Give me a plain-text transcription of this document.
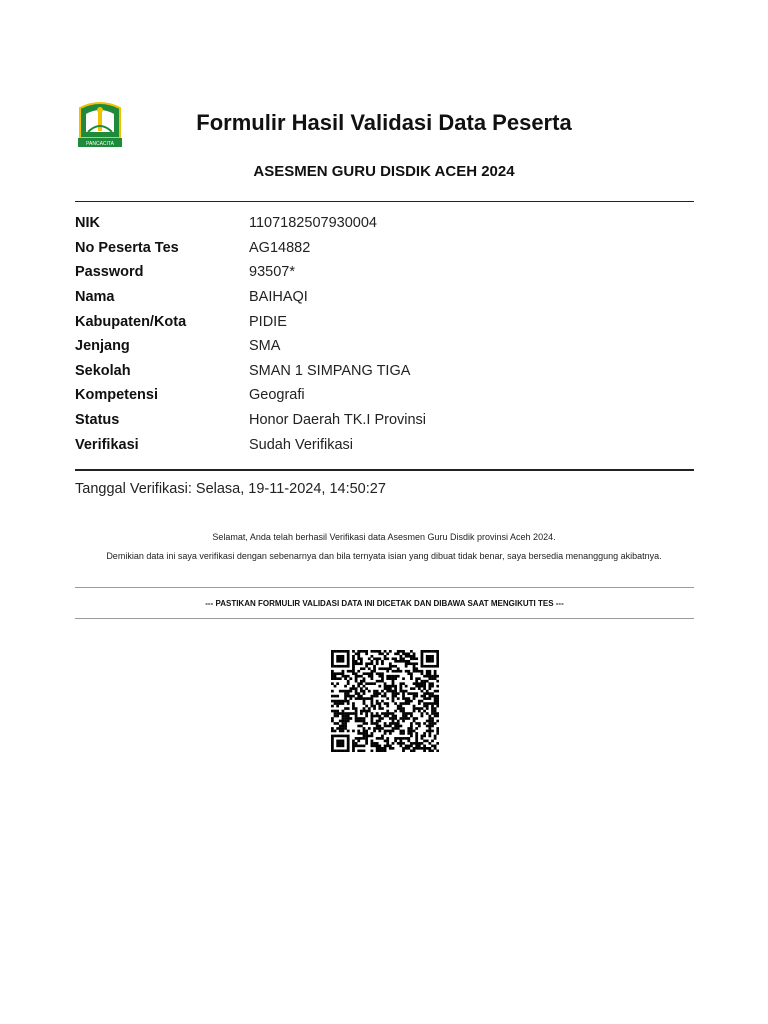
PANCACITA
Formulir Hasil Validasi Data Peserta
ASESMEN GURU DISDIK ACEH 2024
NIK	1107182507930004
No Peserta Tes	AG14882
Password	93507*
Nama	BAIHAQI
Kabupaten/Kota	PIDIE
Jenjang	SMA
Sekolah	SMAN 1 SIMPANG TIGA
Kompetensi	Geografi
Status	Honor Daerah TK.I Provinsi
Verifikasi	Sudah Verifikasi
Tanggal Verifikasi: Selasa, 19-11-2024, 14:50:27
Selamat, Anda telah berhasil Verifikasi data Asesmen Guru Disdik provinsi Aceh 2024.
Demikian data ini saya verifikasi dengan sebenarnya dan bila ternyata isian yang dibuat tidak benar, saya bersedia menanggung akibatnya.
--- PASTIKAN FORMULIR VALIDASI DATA INI DICETAK DAN DIBAWA SAAT MENGIKUTI TES ---
